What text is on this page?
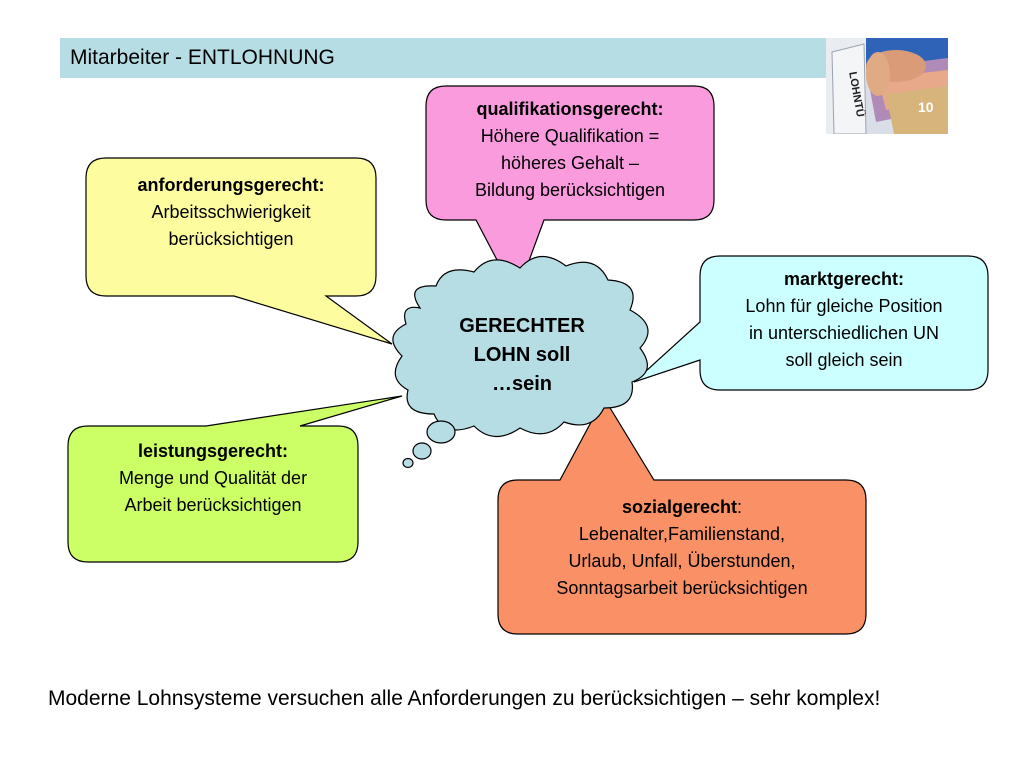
Mitarbeiter - ENTLOHNUNG
LOHNTÜ	10
qualifikationsgerecht:
Höhere Qualifikation =
höheres Gehalt –
Bildung berücksichtigen
anforderungsgerecht:
Arbeitsschwierigkeit
berücksichtigen
marktgerecht:
Lohn für gleiche Position
in unterschiedlichen UN
soll gleich sein
leistungsgerecht:
Menge und Qualität der
Arbeit berücksichtigen	sozialgerecht:
Lebenalter,Familienstand,
Urlaub, Unfall, Überstunden,
Sonntagsarbeit berücksichtigen
GERECHTER
LOHN soll
…sein
Moderne Lohnsysteme versuchen alle Anforderungen zu berücksichtigen – sehr komplex!
